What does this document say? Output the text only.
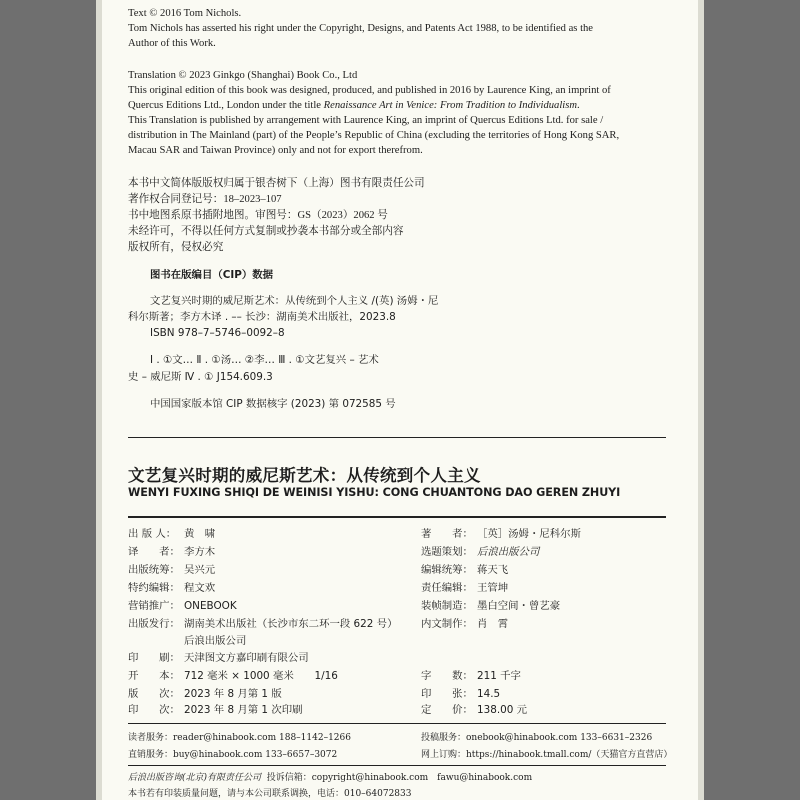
Text © 2016 Tom Nichols.

Tom Nichols has asserted his right under the Copyright, Designs, and Patents Act 1988, to be identified as the

Author of this Work.

Translation © 2023 Ginkgo (Shanghai) Book Co., Ltd

This original edition of this book was designed, produced, and published in 2016 by Laurence King, an imprint of

Quercus Editions Ltd., London under the title Renaissance Art in Venice: From Tradition to Individualism.

This Translation is published by arrangement with Laurence King, an imprint of Quercus Editions Ltd. for sale /

distribution in The Mainland (part) of the People’s Republic of China (excluding the territories of Hong Kong SAR,

Macau SAR and Taiwan Province) only and not for export therefrom.

本书中文简体版版权归属于银杏树下（上海）图书有限责任公司

著作权合同登记号：18–2023–107

书中地图系原书插附地图。审图号：GS（2023）2062 号

未经许可，不得以任何方式复制或抄袭本书部分或全部内容

版权所有，侵权必究

图书在版编目（CIP）数据
文艺复兴时期的威尼斯艺术：从传统到个人主义 /(英) 汤姆・尼
科尔斯著；李方木译 . –– 长沙：湖南美术出版社，2023.8
ISBN 978–7–5746–0092–8
Ⅰ . ①文… Ⅱ . ①汤… ②李… Ⅲ . ①文艺复兴 – 艺术
史 – 威尼斯 Ⅳ . ① J154.609.3
中国国家版本馆 CIP 数据核字 (2023) 第 072585 号
文艺复兴时期的威尼斯艺术：从传统到个人主义
WENYI FUXING SHIQI DE WEINISI YISHU: CONG CHUANTONG DAO GEREN ZHUYI
出 版 人： 黄　啸
译　　者： 李方木
出版统筹： 吴兴元
特约编辑： 程文欢
营销推广： ONEBOOK
出版发行： 湖南美术出版社（长沙市东二环一段 622 号）
后浪出版公司
印　　刷： 天津图文方嘉印刷有限公司
著　　者： ［英］汤姆・尼科尔斯
选题策划： 后浪出版公司
编辑统筹： 蒋天飞
责任编辑： 王管坤
装帧制造： 墨白空间・曾艺豪
内文制作： 肖　霄
开　　本： 712 毫米 × 1000 毫米　　1/16
版　　次： 2023 年 8 月第 1 版
印　　次： 2023 年 8 月第 1 次印刷
字　　数： 211 千字
印　　张： 14.5
定　　价： 138.00 元
读者服务：reader@hinabook.com 188–1142–1266	投稿服务：onebook@hinabook.com 133–6631–2326
直销服务：buy@hinabook.com 133–6657–3072	网上订购：https://hinabook.tmall.com/（天猫官方直营店）
后浪出版咨询(北京)有限责任公司 投诉信箱：copyright@hinabook.com　fawu@hinabook.com
本书若有印装质量问题，请与本公司联系调换，电话：010–64072833
